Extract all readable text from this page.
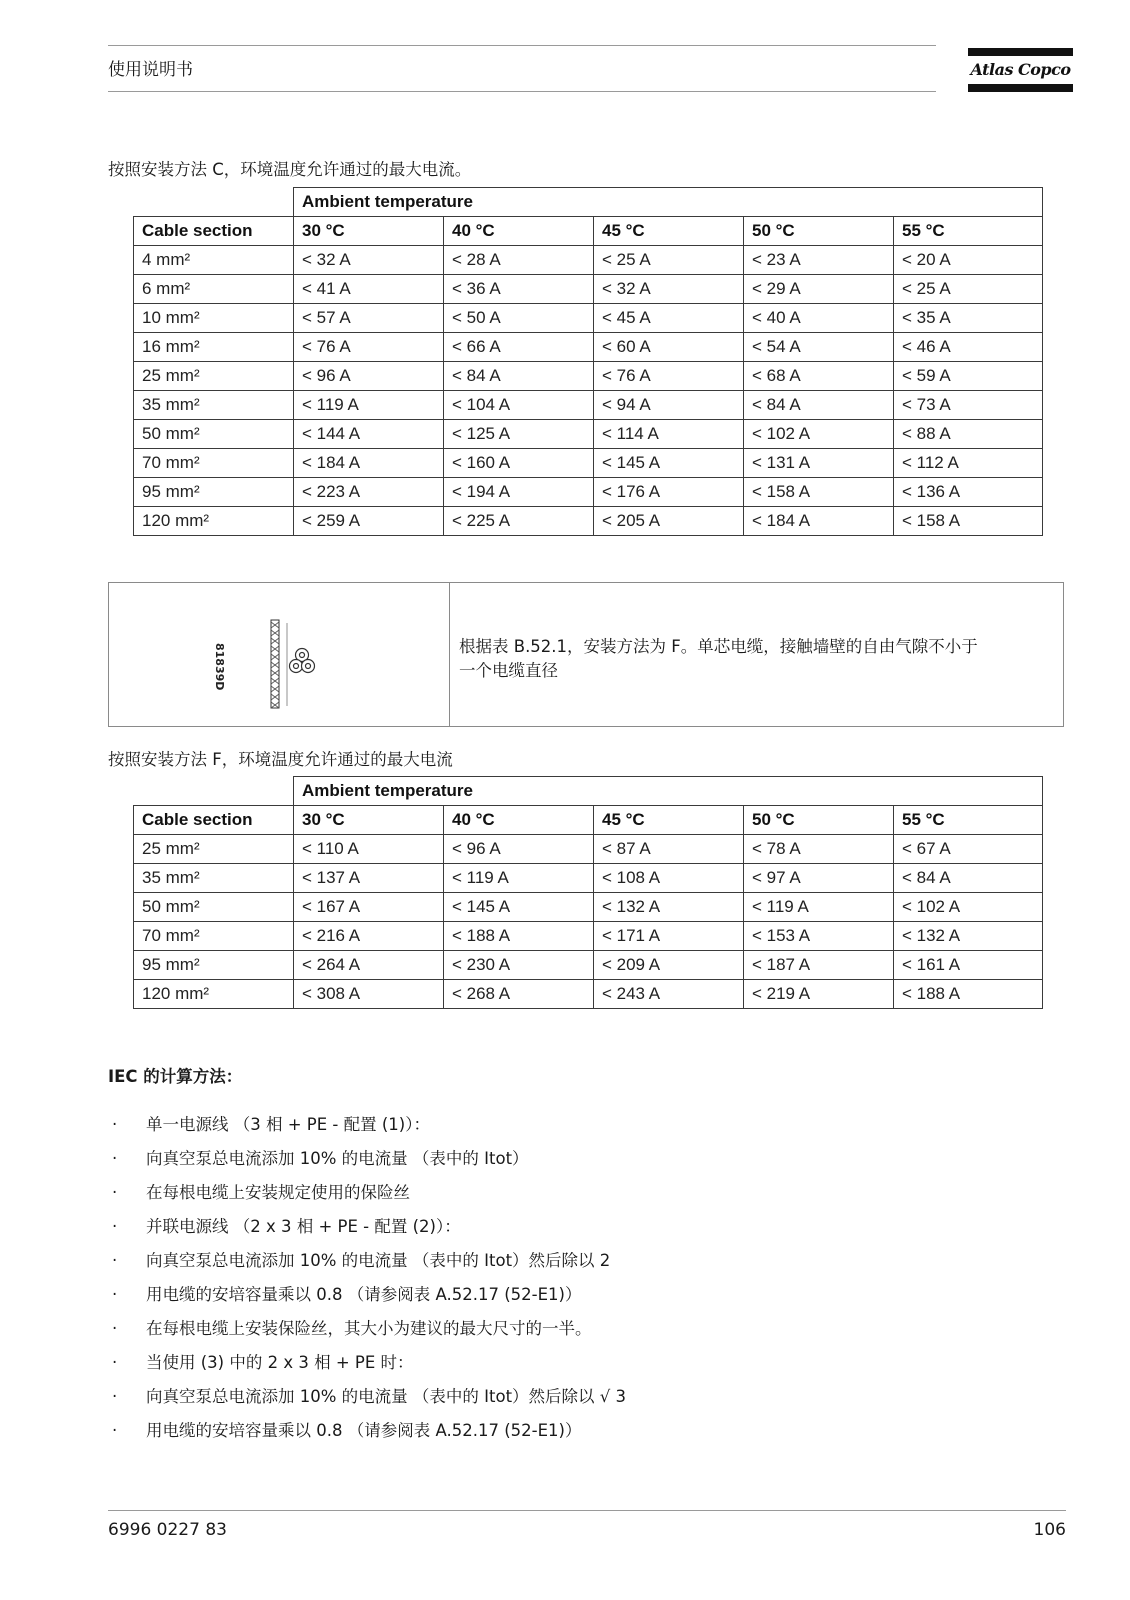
使用说明书	Atlas Copco
按照安装方法 C，环境温度允许通过的最大电流。
	Ambient temperature				
Cable section	30 °C	40 °C	45 °C	50 °C	55 °C
4 mm²	< 32 A	< 28 A	< 25 A	< 23 A	< 20 A
6 mm²	< 41 A	< 36 A	< 32 A	< 29 A	< 25 A
10 mm²	< 57 A	< 50 A	< 45 A	< 40 A	< 35 A
16 mm²	< 76 A	< 66 A	< 60 A	< 54 A	< 46 A
25 mm²	< 96 A	< 84 A	< 76 A	< 68 A	< 59 A
35 mm²	< 119 A	< 104 A	< 94 A	< 84 A	< 73 A
50 mm²	< 144 A	< 125 A	< 114 A	< 102 A	< 88 A
70 mm²	< 184 A	< 160 A	< 145 A	< 131 A	< 112 A
95 mm²	< 223 A	< 194 A	< 176 A	< 158 A	< 136 A
120 mm²	< 259 A	< 225 A	< 205 A	< 184 A	< 158 A
81839D	根据表 B.52.1，安装方法为 F。单芯电缆，接触墙壁的自由气隙不小于
一个电缆直径
按照安装方法 F，环境温度允许通过的最大电流
	Ambient temperature				
Cable section	30 °C	40 °C	45 °C	50 °C	55 °C
25 mm²	< 110 A	< 96 A	< 87 A	< 78 A	< 67 A
35 mm²	< 137 A	< 119 A	< 108 A	< 97 A	< 84 A
50 mm²	< 167 A	< 145 A	< 132 A	< 119 A	< 102 A
70 mm²	< 216 A	< 188 A	< 171 A	< 153 A	< 132 A
95 mm²	< 264 A	< 230 A	< 209 A	< 187 A	< 161 A
120 mm²	< 308 A	< 268 A	< 243 A	< 219 A	< 188 A
IEC 的计算方法：
·	单一电源线 （3 相 + PE - 配置 (1)）：
·	向真空泵总电流添加 10% 的电流量 （表中的 Itot）
·	在每根电缆上安装规定使用的保险丝
·	并联电源线 （2 x 3 相 + PE - 配置 (2)）：
·	向真空泵总电流添加 10% 的电流量 （表中的 Itot）然后除以 2
·	用电缆的安培容量乘以 0.8 （请参阅表 A.52.17 (52-E1)）
·	在每根电缆上安装保险丝，其大小为建议的最大尺寸的一半。
·	当使用 (3) 中的 2 x 3 相 + PE 时：
·	向真空泵总电流添加 10% 的电流量 （表中的 Itot）然后除以 √ 3
·	用电缆的安培容量乘以 0.8 （请参阅表 A.52.17 (52-E1)）
6996 0227 83	106
